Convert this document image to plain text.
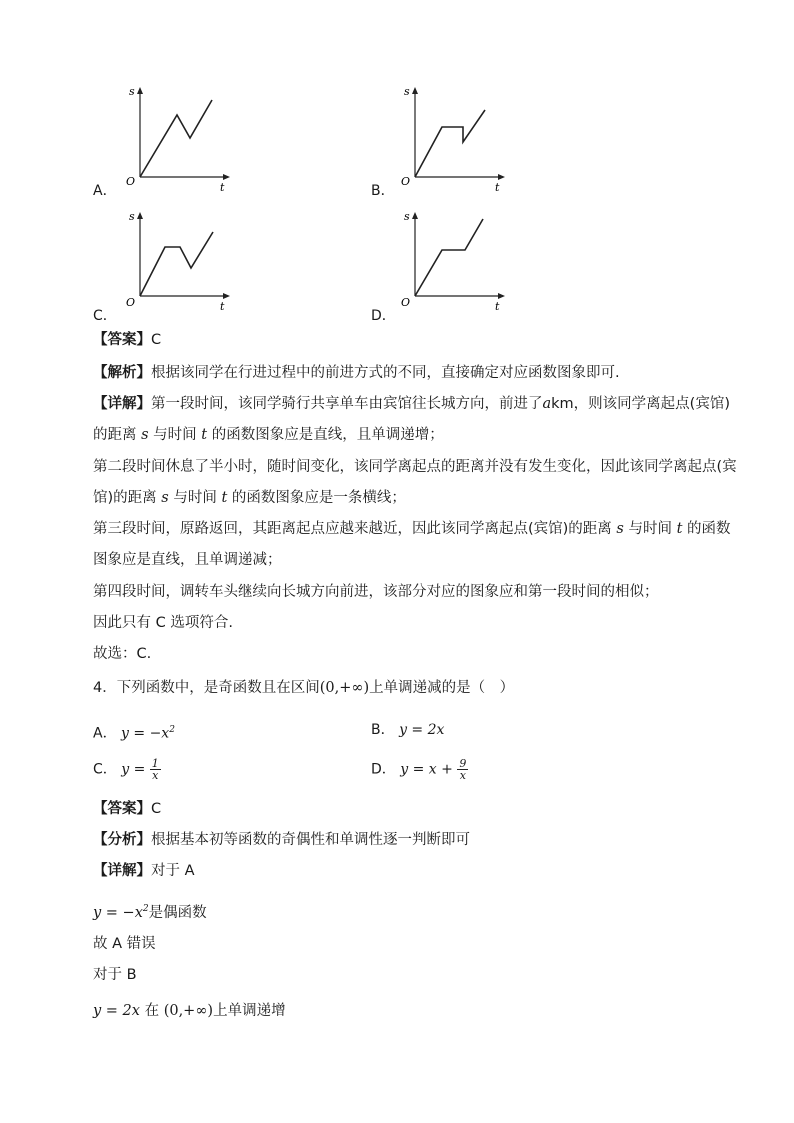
s
t
O
A．
s
t
O
B．
s
t
O
C．
s
t
O
D．
【答案】C
【解析】根据该同学在行进过程中的前进方式的不同，直接确定对应函数图象即可.
【详解】第一段时间，该同学骑行共享单车由宾馆往长城方向，前进了akm，则该同学离起点(宾馆)
的距离 s 与时间 t 的函数图象应是直线，且单调递增；
第二段时间休息了半小时，随时间变化，该同学离起点的距离并没有发生变化，因此该同学离起点(宾
馆)的距离 s 与时间 t 的函数图象应是一条横线；
第三段时间，原路返回，其距离起点应越来越近，因此该同学离起点(宾馆)的距离 s 与时间 t 的函数
图象应是直线，且单调递减；
第四段时间，调转车头继续向长城方向前进，该部分对应的图象应和第一段时间的相似；
因此只有 C 选项符合.
故选：C.
4．下列函数中，是奇函数且在区间(0,+∞)上单调递减的是（　）
A． $y = -x^2$	B． y = 2x
C． $y = \frac{1}{x}$	D． $y = x + \frac{9}{x}$
【答案】C
【分析】根据基本初等函数的奇偶性和单调性逐一判断即可
【详解】对于 A
$y = -x^2$是偶函数
故 A 错误
对于 B
y = 2x 在 (0,+∞)上单调递增
